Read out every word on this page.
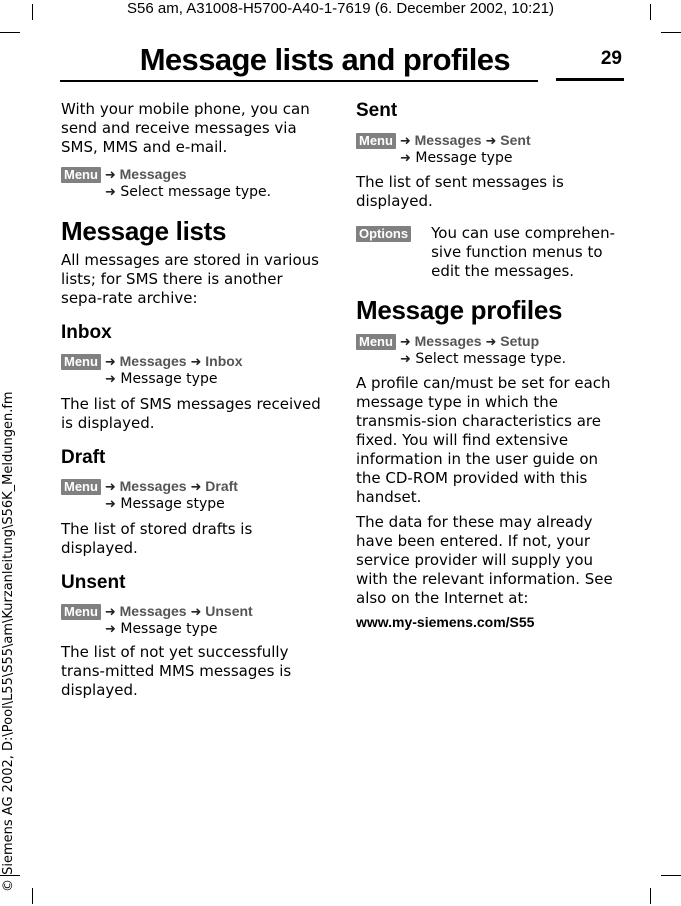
S56 am, A31008-H5700-A40-1-7619 (6. December 2002, 10:21)
Message lists and profiles	29
© Siemens AG 2002, D:\Pool\L55\S55\am\Kurzanleitung\S56K_Meldungen.fm

With your mobile phone, you can send and receive messages via SMS, MMS and e-mail.

Menu ➜ Messages
➜ Select message type.
Message lists

All messages are stored in various lists; for SMS there is another sepa-rate archive:

Inbox
Menu ➜ Messages ➜ Inbox
➜ Message type

The list of SMS messages received is displayed.

Draft
Menu ➜ Messages ➜ Draft
➜ Message stype

The list of stored drafts is displayed.

Unsent
Menu ➜ Messages ➜ Unsent
➜ Message type

The list of not yet successfully trans-mitted MMS messages is displayed.

Sent
Menu ➜ Messages ➜ Sent
➜ Message type

The list of sent messages is displayed.

Options You can use comprehen-sive function menus to edit the messages.

Message profiles
Menu ➜ Messages ➜ Setup
➜ Select message type.

A profile can/must be set for each message type in which the transmis-sion characteristics are fixed. You will find extensive information in the user guide on the CD-ROM provided with this handset.

The data for these may already have been entered. If not, your service provider will supply you with the relevant information. See also on the Internet at:

www.my-siemens.com/S55
